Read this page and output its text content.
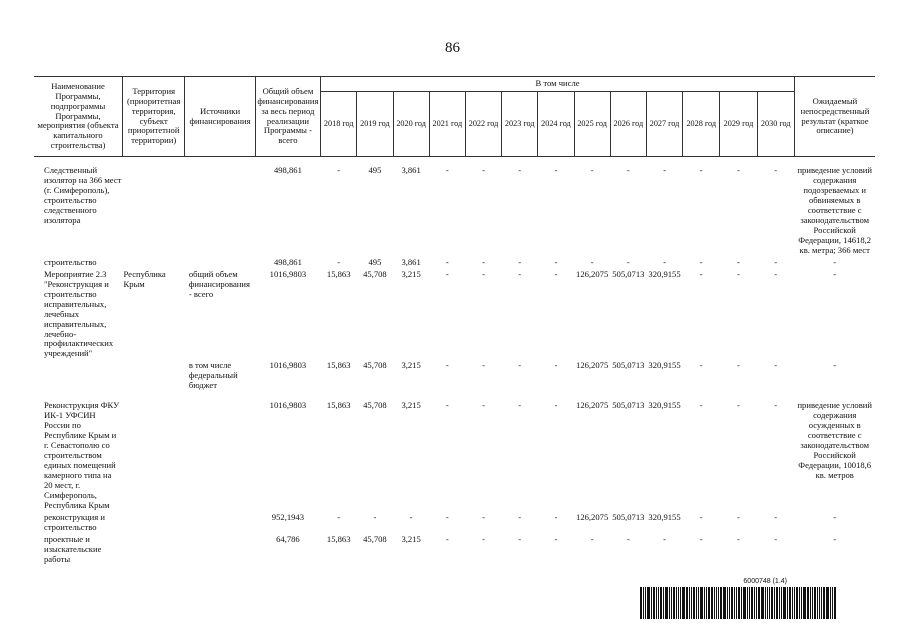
86
Наименование Программы, подпрограммы Программы, мероприятия (объекта капитального строительства)	Территория (приоритетная территория, субъект приоритетной территории)	Источники финансирования	Общий объем финансирования за весь период реализации Программы - всего	В том числе													Ожидаемый непосредственный результат (краткое описание)
				2018 год	2019 год	2020 год	2021 год	2022 год	2023 год	2024 год	2025 год	2026 год	2027 год	2028 год	2029 год	2030 год	

Следственный изолятор на 366 мест (г. Симферополь), строительство следственного изолятора			498,861	-	495	3,861	-	-	-	-	-	-	-	-	-	-	приведение условий содержания подозреваемых и обвиняемых в соответствие с законодательством Российской Федерации, 14618,2 кв. метра; 366 мест
строительство			498,861	-	495	3,861	-	-	-	-	-	-	-	-	-	-	-
Мероприятие 2.3 "Реконструкция и строительство исправительных, лечебных исправительных, лечебно-профилактических учреждений"	Республика Крым	общий объем финансирования - всего	1016,9803	15,863	45,708	3,215	-	-	-	-	126,2075	505,0713	320,9155	-	-	-	-
		в том числе федеральный бюджет	1016,9803	15,863	45,708	3,215	-	-	-	-	126,2075	505,0713	320,9155	-	-	-	-

Реконструкция ФКУ ИК-1 УФСИН России по Республике Крым и г. Севастополю со строительством единых помещений камерного типа на 20 мест, г. Симферополь, Республика Крым			1016,9803	15,863	45,708	3,215	-	-	-	-	126,2075	505,0713	320,9155	-	-	-	приведение условий содержания осужденных в соответствие с законодательством Российской Федерации, 10018,6 кв. метров
реконструкция и строительство			952,1943	-	-	-	-	-	-	-	126,2075	505,0713	320,9155	-	-	-	-
проектные и изыскательские работы			64,786	15,863	45,708	3,215	-	-	-	-	-	-	-	-	-	-	-
6000748 (1.4)
